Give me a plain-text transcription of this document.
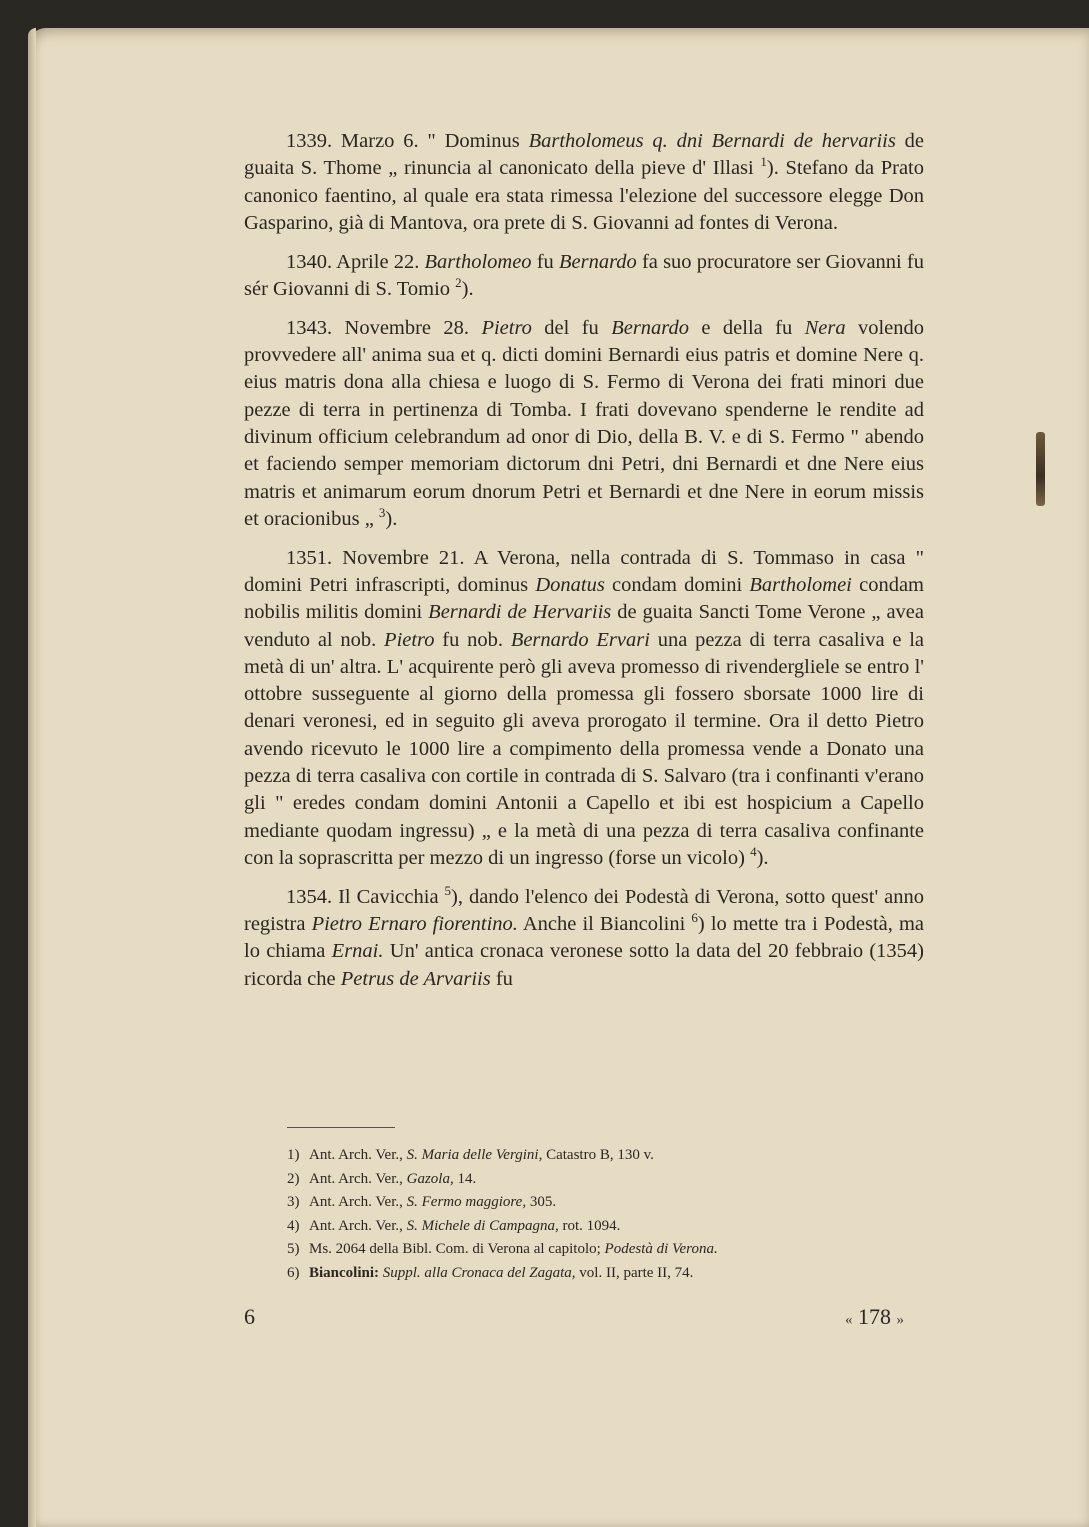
1339. Marzo 6. " Dominus Bartholomeus q. dni Bernardi de hervariis de guaita S. Thome „ rinuncia al canonicato della pieve d' Illasi $^1$). Stefano da Prato canonico faentino, al quale era stata rimessa l'elezione del successore elegge Don Gasparino, già di Mantova, ora prete di S. Giovanni ad fontes di Verona.

1340. Aprile 22. Bartholomeo fu Bernardo fa suo procuratore ser Giovanni fu sér Giovanni di S. Tomio $^2$).

1343. Novembre 28. Pietro del fu Bernardo e della fu Nera volendo provvedere all' anima sua et q. dicti domini Bernardi eius patris et domine Nere q. eius matris dona alla chiesa e luogo di S. Fermo di Verona dei frati minori due pezze di terra in pertinenza di Tomba. I frati dovevano spenderne le rendite ad divinum officium celebrandum ad onor di Dio, della B. V. e di S. Fermo " abendo et faciendo semper memoriam dictorum dni Petri, dni Bernardi et dne Nere eius matris et animarum eorum dnorum Petri et Bernardi et dne Nere in eorum missis et oracionibus „ $^3$).

1351. Novembre 21. A Verona, nella contrada di S. Tommaso in casa " domini Petri infrascripti, dominus Donatus condam domini Bartholomei condam nobilis militis domini Bernardi de Hervariis de guaita Sancti Tome Verone „ avea venduto al nob. Pietro fu nob. Bernardo Ervari una pezza di terra casaliva e la metà di un' altra. L' acquirente però gli aveva promesso di rivendergliele se entro l' ottobre susseguente al giorno della promessa gli fossero sborsate 1000 lire di denari veronesi, ed in seguito gli aveva prorogato il termine. Ora il detto Pietro avendo ricevuto le 1000 lire a compimento della promessa vende a Donato una pezza di terra casaliva con cortile in contrada di S. Salvaro (tra i confinanti v'erano gli " eredes condam domini Antonii a Capello et ibi est hospicium a Capello mediante quodam ingressu) „ e la metà di una pezza di terra casaliva confinante con la soprascritta per mezzo di un ingresso (forse un vicolo) $^4$).

1354. Il Cavicchia $^5$), dando l'elenco dei Podestà di Verona, sotto quest' anno registra Pietro Ernaro fiorentino. Anche il Biancolini $^6$) lo mette tra i Podestà, ma lo chiama Ernai. Un' antica cronaca veronese sotto la data del 20 febbraio (1354) ricorda che Petrus de Arvariis fu

1) Ant. Arch. Ver., S. Maria delle Vergini, Catastro B, 130 v.
2) Ant. Arch. Ver., Gazola, 14.
3) Ant. Arch. Ver., S. Fermo maggiore, 305.
4) Ant. Arch. Ver., S. Michele di Campagna, rot. 1094.
5) Ms. 2064 della Bibl. Com. di Verona al capitolo; Podestà di Verona.
6) Biancolini: Suppl. alla Cronaca del Zagata, vol. II, parte II, 74.
6	« 178 »
